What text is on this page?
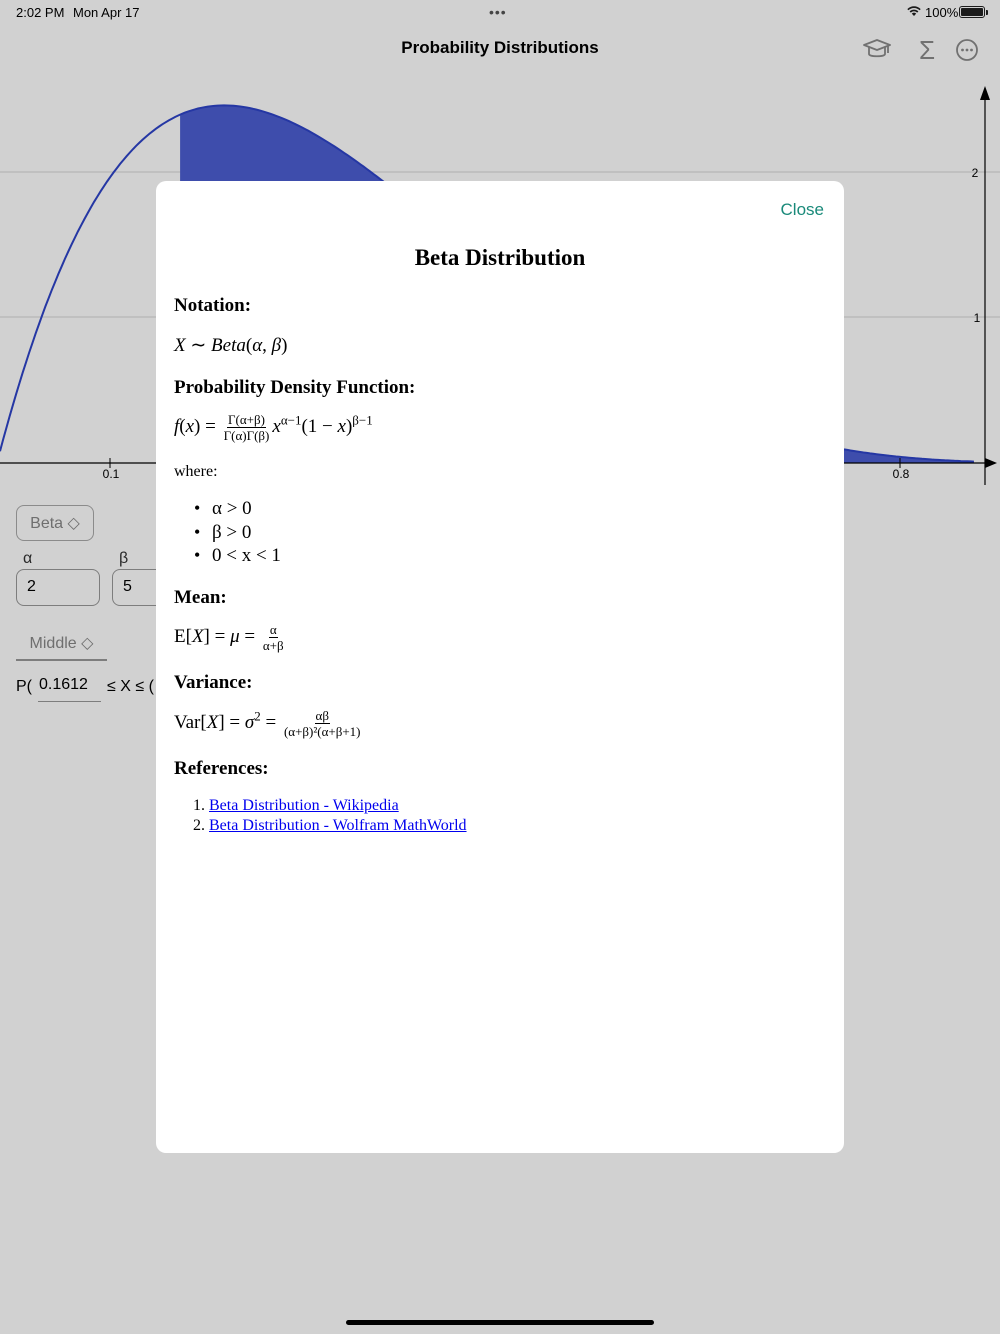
2:02 PM Mon Apr 17	•••	100%
Probability Distributions	Σ
0.1	0.8
2
1
Beta ◇
α	β
2	5
Middle ◇
P( 0.1612	≤ X ≤ (
Close
Beta Distribution
Notation:
X ∼ Beta(α, β)
Probability Density Function:
$f(x) = \frac{\Gamma(\alpha+\beta)}{\Gamma(\alpha)\Gamma(\beta)} x^{\alpha-1}(1 - x)^{\beta-1}$
where:
• α > 0
• β > 0
• 0 < x < 1
Mean:
$E[X] = \mu = \frac{\alpha}{\alpha+\beta}$
Variance:
$Var[X] = \sigma^2 = \frac{\alpha\beta}{\text{(α+β)²(α+β+1)}}$
References:
1. Beta Distribution - Wikipedia
2. Beta Distribution - Wolfram MathWorld
